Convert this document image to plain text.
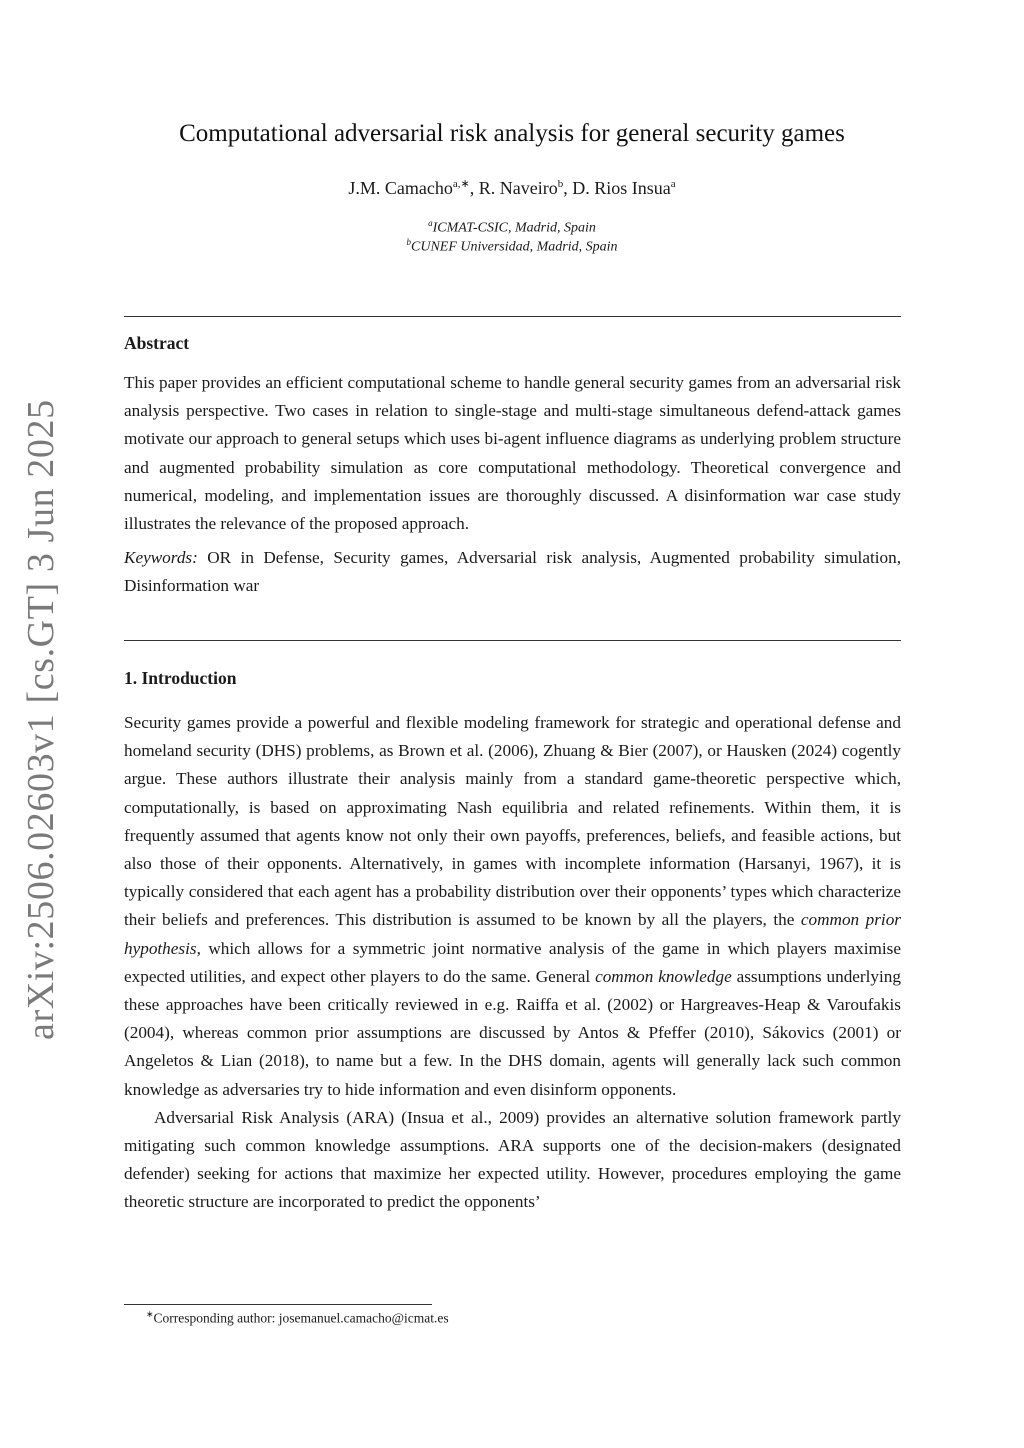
arXiv:2506.02603v1 [cs.GT] 3 Jun 2025
Computational adversarial risk analysis for general security games
J.M. Camacho$^{a,∗}$, R. Naveiro$^b$, D. Rios Insua$^a$
$^a$ICMAT-CSIC, Madrid, Spain
$^b$CUNEF Universidad, Madrid, Spain
Abstract

This paper provides an efficient computational scheme to handle general security games from an adversarial risk analysis perspective. Two cases in relation to single-stage and multi-stage simultaneous defend-attack games motivate our approach to general setups which uses bi-agent influence diagrams as underlying problem structure and augmented probability simulation as core computational methodology. Theoretical convergence and numerical, modeling, and implementation issues are thoroughly discussed. A disinformation war case study illustrates the relevance of the proposed approach.

Keywords: OR in Defense, Security games, Adversarial risk analysis, Augmented probability simulation, Disinformation war

1. Introduction

Security games provide a powerful and flexible modeling framework for strategic and operational defense and homeland security (DHS) problems, as Brown et al. (2006), Zhuang & Bier (2007), or Hausken (2024) cogently argue. These authors illustrate their analysis mainly from a standard game-theoretic perspective which, computationally, is based on approximating Nash equilibria and related refinements. Within them, it is frequently assumed that agents know not only their own payoffs, preferences, beliefs, and feasible actions, but also those of their opponents. Alternatively, in games with incomplete information (Harsanyi, 1967), it is typically considered that each agent has a probability distribution over their opponents’ types which characterize their beliefs and preferences. This distribution is assumed to be known by all the players, the common prior hypothesis, which allows for a symmetric joint normative analysis of the game in which players maximise expected utilities, and expect other players to do the same. General common knowledge assumptions underlying these approaches have been critically reviewed in e.g. Raiffa et al. (2002) or Hargreaves-Heap & Varoufakis (2004), whereas common prior assumptions are discussed by Antos & Pfeffer (2010), Sákovics (2001) or Angeletos & Lian (2018), to name but a few. In the DHS domain, agents will generally lack such common knowledge as adversaries try to hide information and even disinform opponents.

Adversarial Risk Analysis (ARA) (Insua et al., 2009) provides an alternative solution framework partly mitigating such common knowledge assumptions. ARA supports one of the decision-makers (designated defender) seeking for actions that maximize her expected utility. However, procedures employing the game theoretic structure are incorporated to predict the opponents’

∗Corresponding author: josemanuel.camacho@icmat.es
